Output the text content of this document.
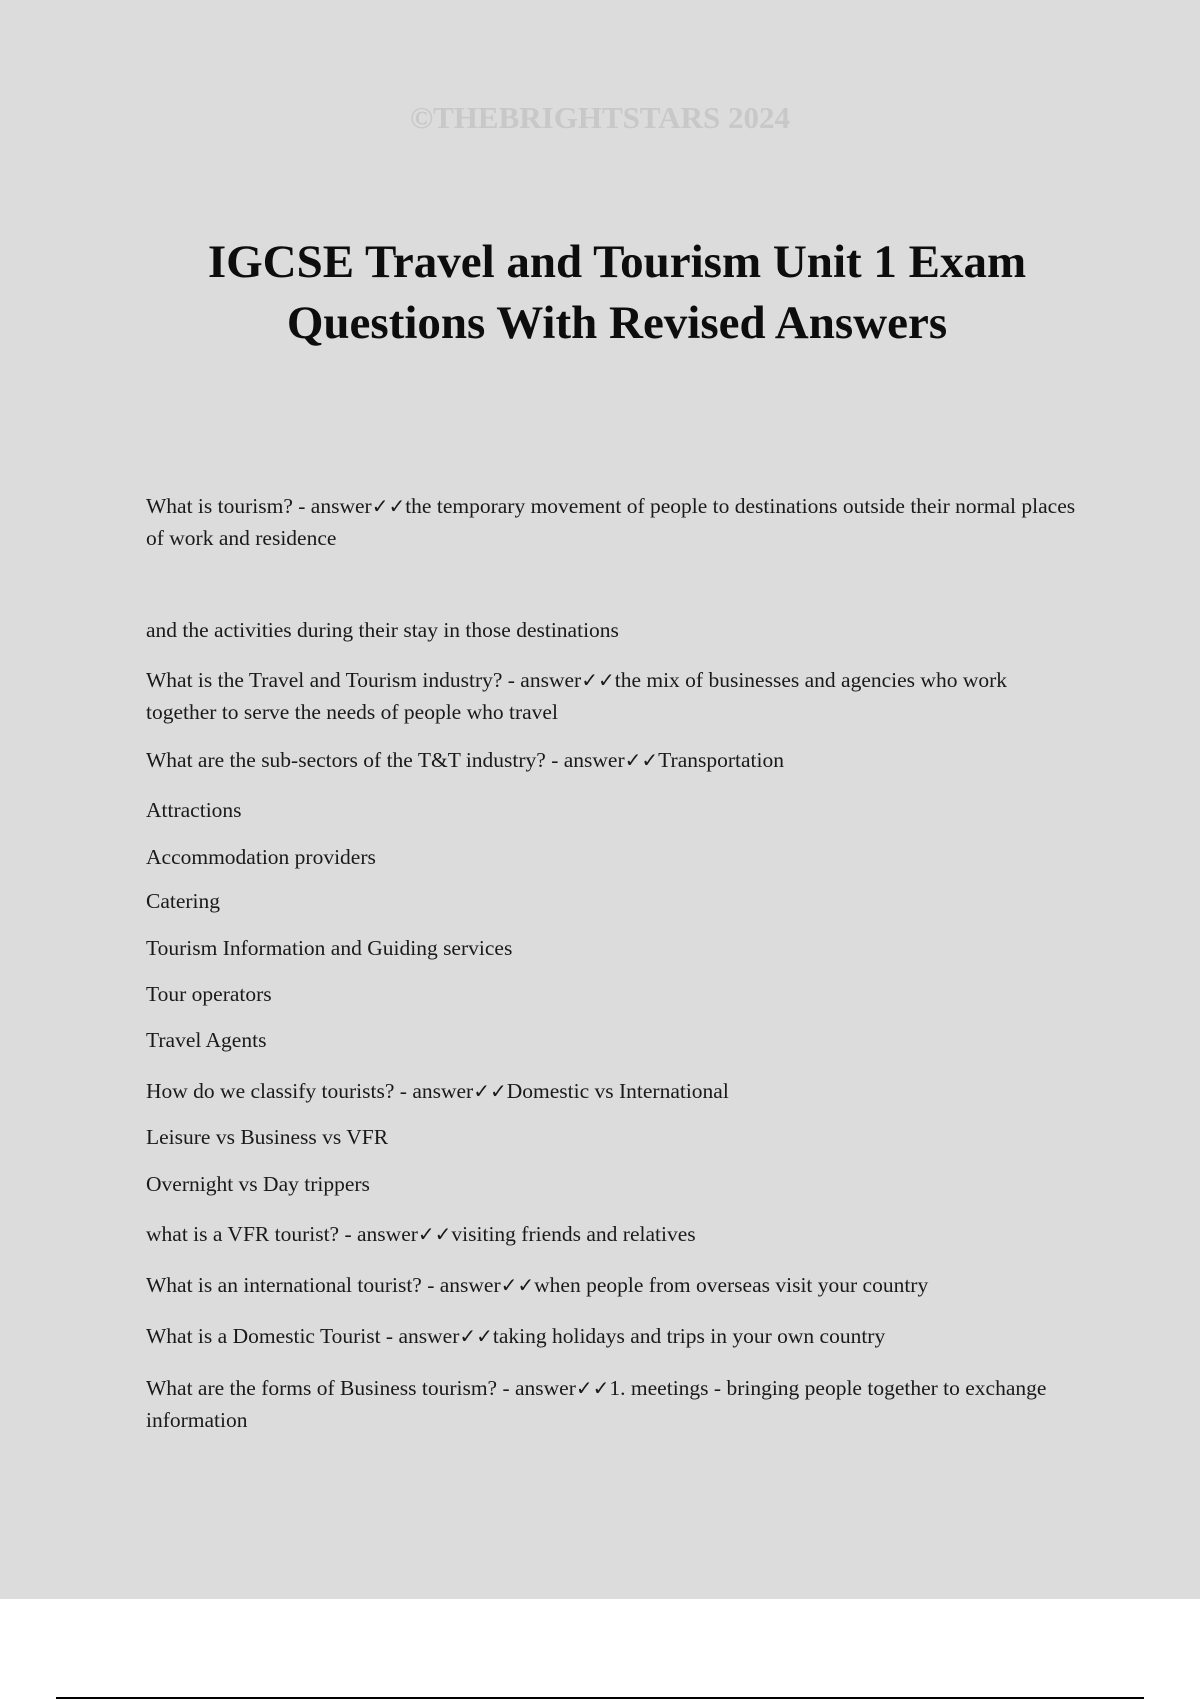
©THEBRIGHTSTARS 2024
IGCSE Travel and Tourism Unit 1 Exam
Questions With Revised Answers

What is tourism? - answer✓✓the temporary movement of people to destinations outside their normal places of work and residence

and the activities during their stay in those destinations

What is the Travel and Tourism industry? - answer✓✓the mix of businesses and agencies who work together to serve the needs of people who travel

What are the sub-sectors of the T&T industry? - answer✓✓Transportation

Attractions

Accommodation providers

Catering

Tourism Information and Guiding services

Tour operators

Travel Agents

How do we classify tourists? - answer✓✓Domestic vs International

Leisure vs Business vs VFR

Overnight vs Day trippers

what is a VFR tourist? - answer✓✓visiting friends and relatives

What is an international tourist? - answer✓✓when people from overseas visit your country

What is a Domestic Tourist - answer✓✓taking holidays and trips in your own country

What are the forms of Business tourism? - answer✓✓1. meetings - bringing people together to exchange information
